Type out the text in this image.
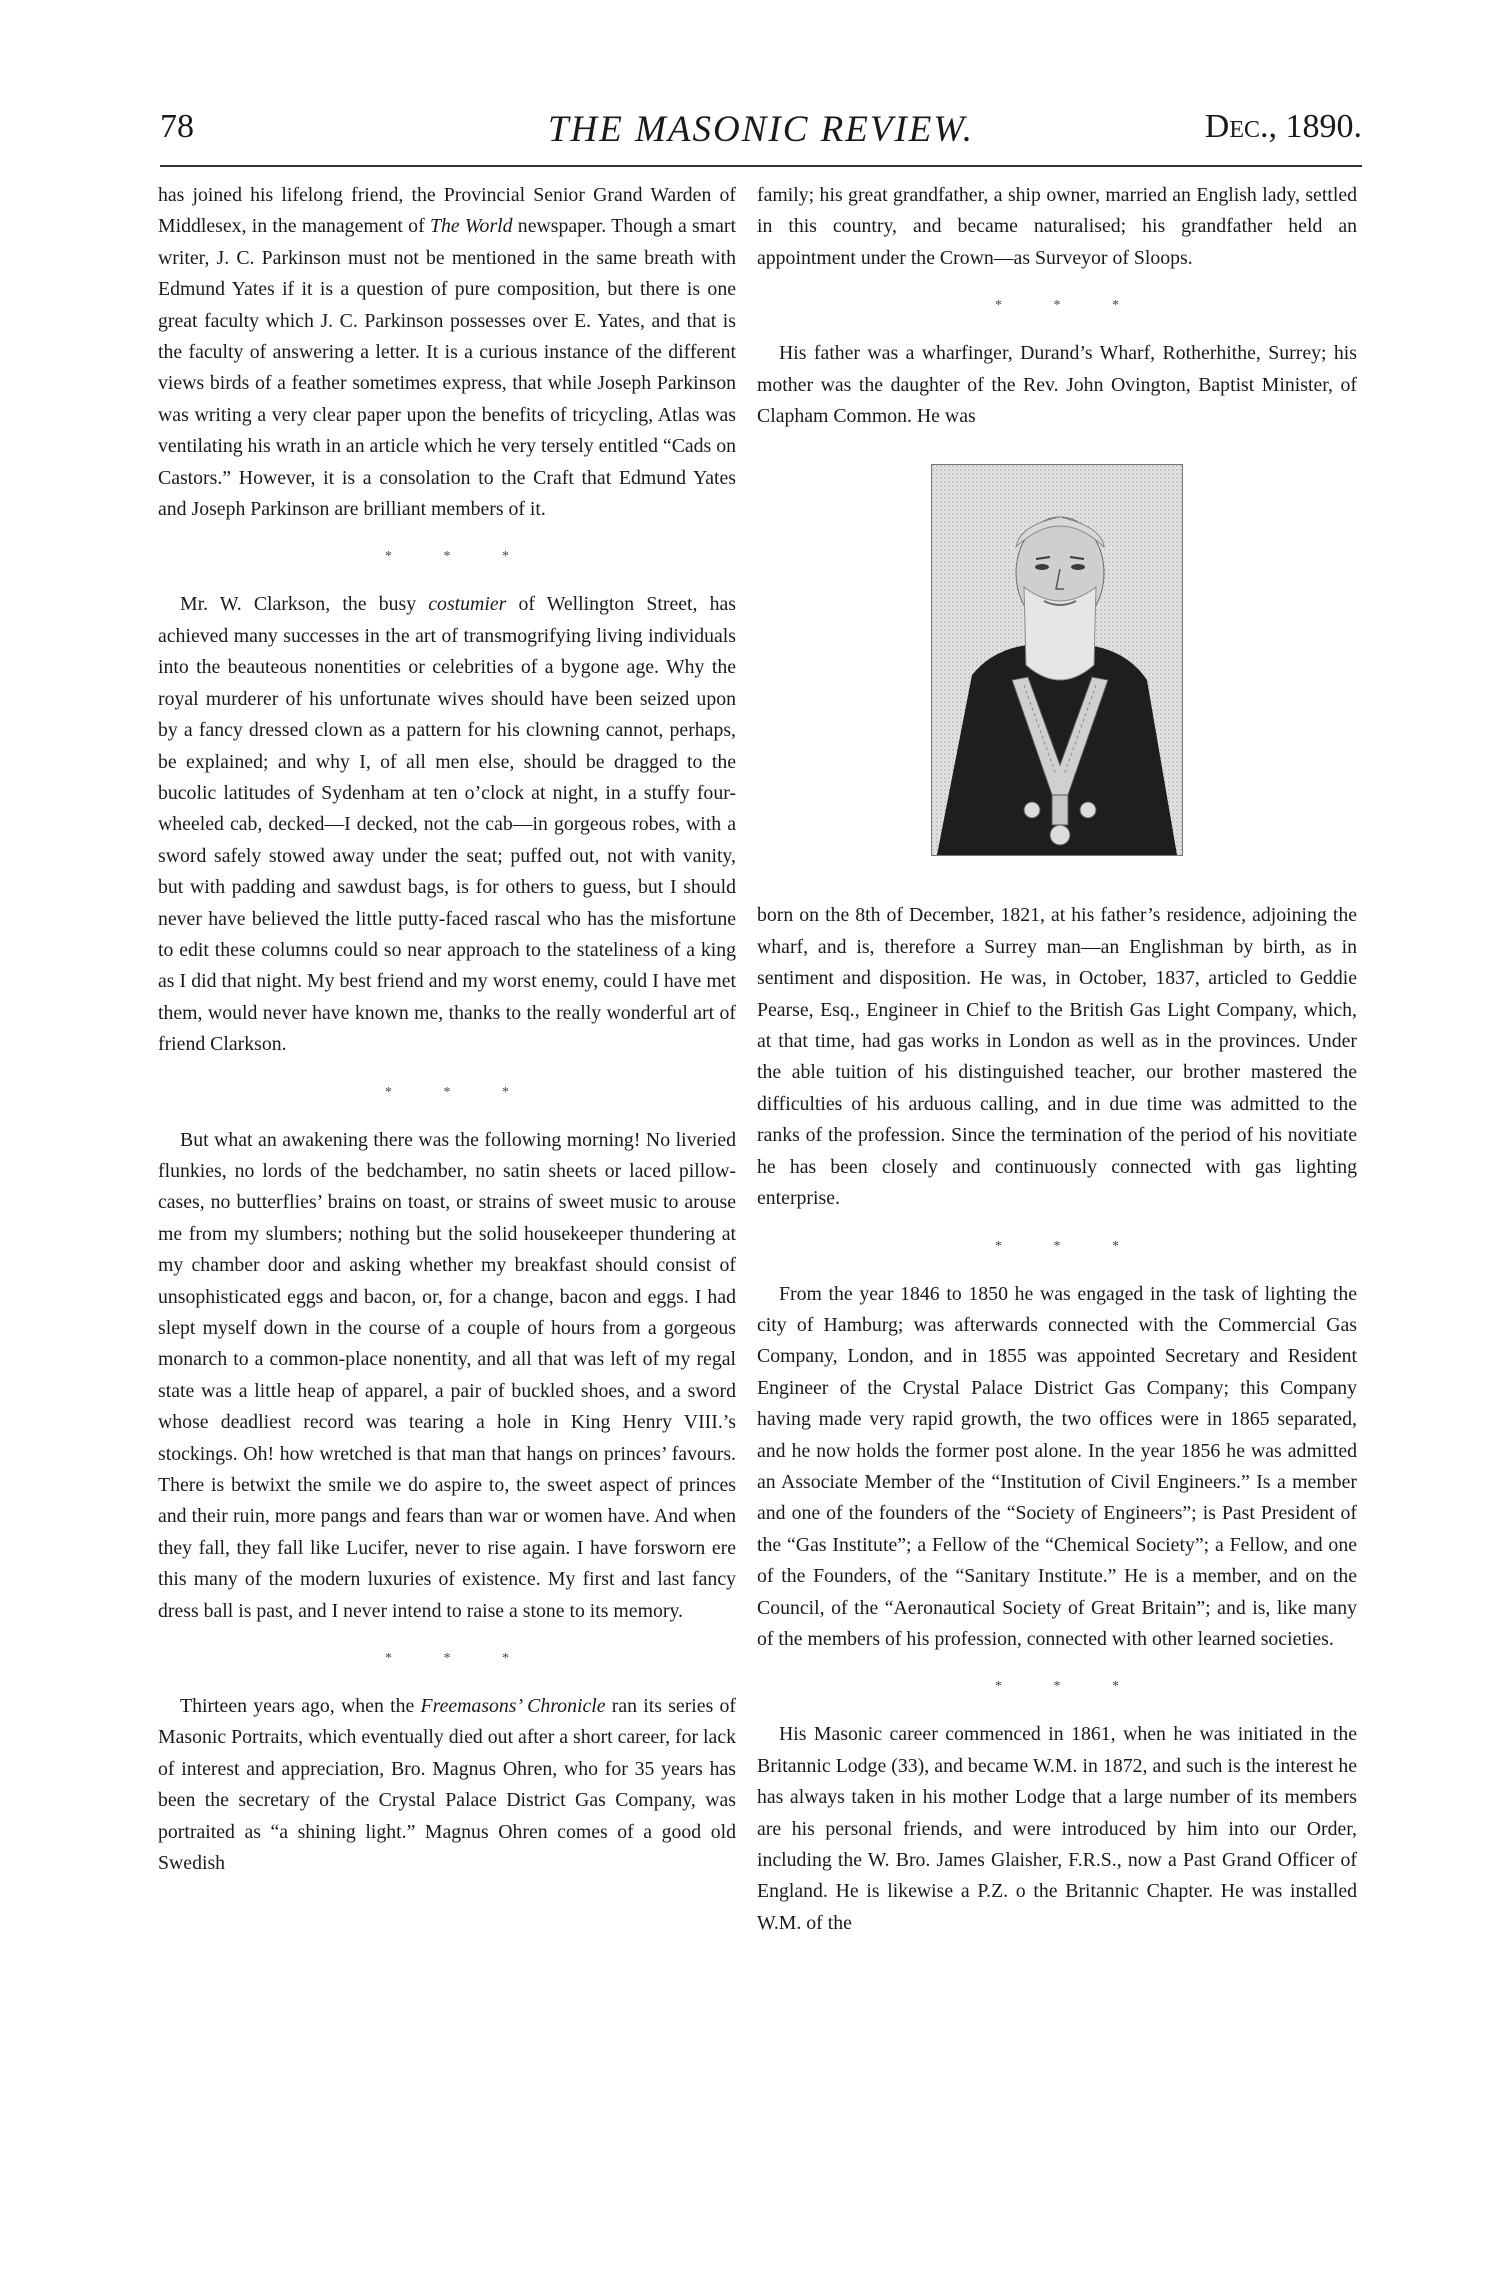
78	THE MASONIC REVIEW.	Dec., 1890.

has joined his lifelong friend, the Provincial Senior Grand Warden of Middlesex, in the management of The World newspaper. Though a smart writer, J. C. Parkinson must not be mentioned in the same breath with Edmund Yates if it is a question of pure composition, but there is one great faculty which J. C. Parkinson possesses over E. Yates, and that is the faculty of answering a letter. It is a curious instance of the different views birds of a feather sometimes express, that while Joseph Parkinson was writing a very clear paper upon the benefits of tricycling, Atlas was ventilating his wrath in an article which he very tersely entitled “Cads on Castors.” However, it is a consolation to the Craft that Edmund Yates and Joseph Parkinson are brilliant members of it.

* * *

Mr. W. Clarkson, the busy costumier of Wellington Street, has achieved many successes in the art of transmogrifying living individuals into the beauteous nonentities or celebrities of a bygone age. Why the royal murderer of his unfortunate wives should have been seized upon by a fancy dressed clown as a pattern for his clowning cannot, perhaps, be explained; and why I, of all men else, should be dragged to the bucolic latitudes of Sydenham at ten o’clock at night, in a stuffy four-wheeled cab, decked—I decked, not the cab—in gorgeous robes, with a sword safely stowed away under the seat; puffed out, not with vanity, but with padding and sawdust bags, is for others to guess, but I should never have believed the little putty-faced rascal who has the misfortune to edit these columns could so near approach to the stateliness of a king as I did that night. My best friend and my worst enemy, could I have met them, would never have known me, thanks to the really wonderful art of friend Clarkson.

* * *

But what an awakening there was the following morning! No liveried flunkies, no lords of the bedchamber, no satin sheets or laced pillow-cases, no butterflies’ brains on toast, or strains of sweet music to arouse me from my slumbers; nothing but the solid housekeeper thundering at my chamber door and asking whether my breakfast should consist of unsophisticated eggs and bacon, or, for a change, bacon and eggs. I had slept myself down in the course of a couple of hours from a gorgeous monarch to a common-place nonentity, and all that was left of my regal state was a little heap of apparel, a pair of buckled shoes, and a sword whose deadliest record was tearing a hole in King Henry VIII.’s stockings. Oh! how wretched is that man that hangs on princes’ favours. There is betwixt the smile we do aspire to, the sweet aspect of princes and their ruin, more pangs and fears than war or women have. And when they fall, they fall like Lucifer, never to rise again. I have forsworn ere this many of the modern luxuries of existence. My first and last fancy dress ball is past, and I never intend to raise a stone to its memory.

* * *

Thirteen years ago, when the Freemasons’ Chronicle ran its series of Masonic Portraits, which eventually died out after a short career, for lack of interest and appreciation, Bro. Magnus Ohren, who for 35 years has been the secretary of the Crystal Palace District Gas Company, was portraited as “a shining light.” Magnus Ohren comes of a good old Swedish

family; his great grandfather, a ship owner, married an English lady, settled in this country, and became naturalised; his grandfather held an appointment under the Crown—as Surveyor of Sloops.

* * *

His father was a wharfinger, Durand’s Wharf, Rotherhithe, Surrey; his mother was the daughter of the Rev. John Ovington, Baptist Minister, of Clapham Common. He was

born on the 8th of December, 1821, at his father’s residence, adjoining the wharf, and is, therefore a Surrey man—an Englishman by birth, as in sentiment and disposition. He was, in October, 1837, articled to Geddie Pearse, Esq., Engineer in Chief to the British Gas Light Company, which, at that time, had gas works in London as well as in the provinces. Under the able tuition of his distinguished teacher, our brother mastered the difficulties of his arduous calling, and in due time was admitted to the ranks of the profession. Since the termination of the period of his novitiate he has been closely and continuously connected with gas lighting enterprise.

* * *

From the year 1846 to 1850 he was engaged in the task of lighting the city of Hamburg; was afterwards connected with the Commercial Gas Company, London, and in 1855 was appointed Secretary and Resident Engineer of the Crystal Palace District Gas Company; this Company having made very rapid growth, the two offices were in 1865 separated, and he now holds the former post alone. In the year 1856 he was admitted an Associate Member of the “Institution of Civil Engineers.” Is a member and one of the founders of the “Society of Engineers”; is Past President of the “Gas Institute”; a Fellow of the “Chemical Society”; a Fellow, and one of the Founders, of the “Sanitary Institute.” He is a member, and on the Council, of the “Aeronautical Society of Great Britain”; and is, like many of the members of his profession, connected with other learned societies.

* * *

His Masonic career commenced in 1861, when he was initiated in the Britannic Lodge (33), and became W.M. in 1872, and such is the interest he has always taken in his mother Lodge that a large number of its members are his personal friends, and were introduced by him into our Order, including the W. Bro. James Glaisher, F.R.S., now a Past Grand Officer of England. He is likewise a P.Z. o the Britannic Chapter. He was installed W.M. of the
